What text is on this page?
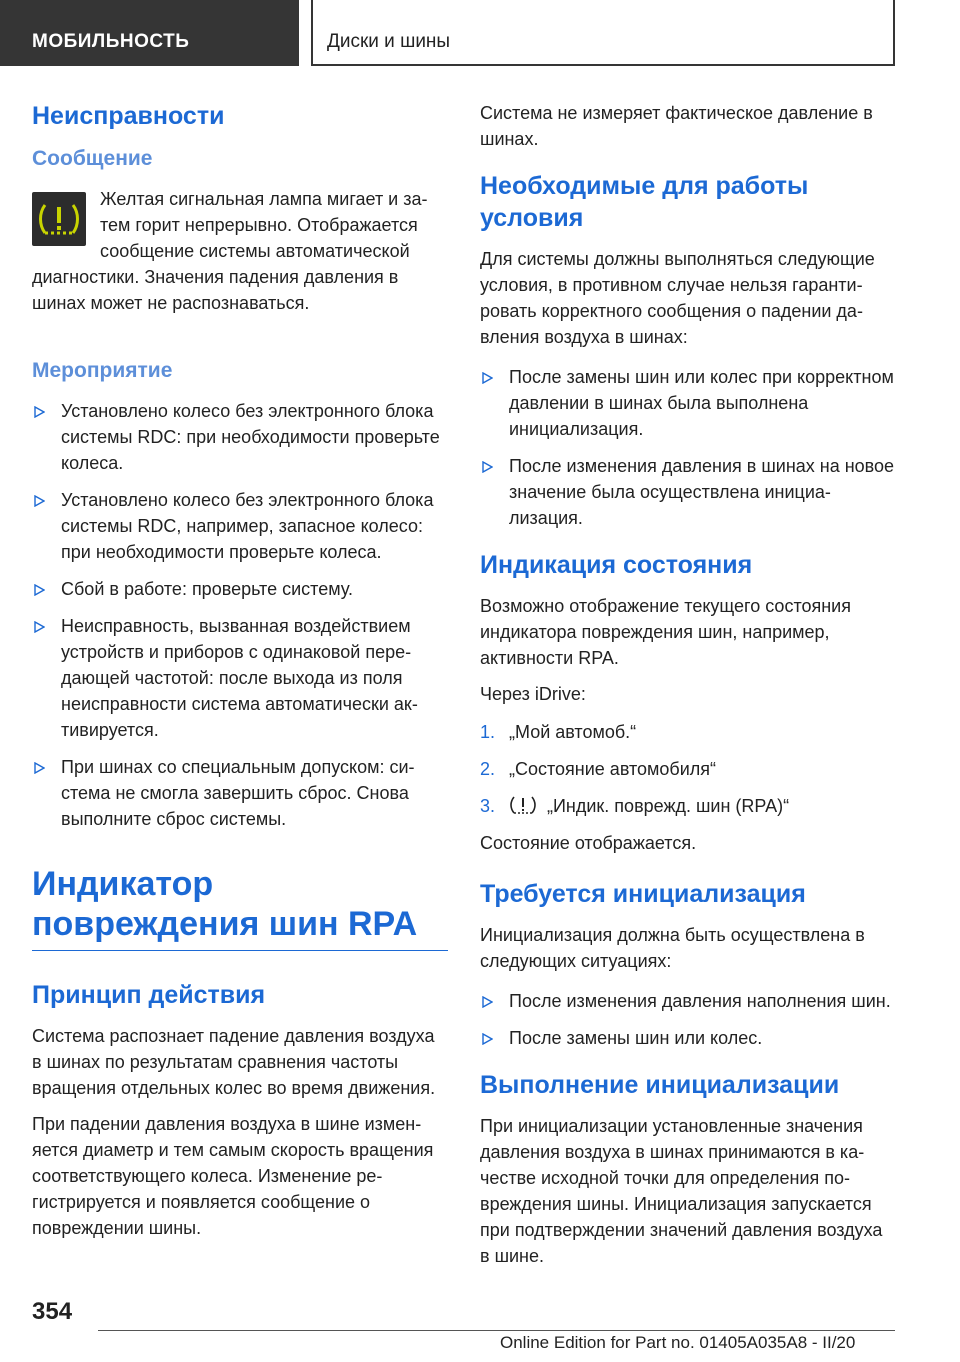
МОБИЛЬНОСТЬ	Диски и шины
Неисправности
Сообщение

Желтая сигнальная лампа мигает и затем горит непрерывно. Отображается сообщение системы автоматической диагностики. Значения падения давления в шинах может не распознаваться.

Мероприятие
Установлено колесо без электронного блока системы RDC: при необходимости проверьте колеса.
Установлено колесо без электронного блока системы RDC, например, запасное колесо: при необходимости проверьте колеса.
Сбой в работе: проверьте систему.
Неисправность, вызванная воздействием устройств и приборов с одинаковой передающей частотой: после выхода из поля неисправности система автоматически активируется.
При шинах со специальным допуском: система не смогла завершить сброс. Снова выполните сброс системы.
Индикатор повреждения шин RPA
Принцип действия

Система распознает падение давления воздуха в шинах по результатам сравнения частоты вращения отдельных колес во время движения.

При падении давления воздуха в шине изменяется диаметр и тем самым скорость вращения соответствующего колеса. Изменение регистрируется и появляется сообщение о повреждении шины.

Система не измеряет фактическое давление в шинах.

Необходимые для работы условия

Для системы должны выполняться следующие условия, в противном случае нельзя гарантировать корректного сообщения о падении давления воздуха в шинах:

После замены шин или колес при корректном давлении в шинах была выполнена инициализация.
После изменения давления в шинах на новое значение была осуществлена инициализация.
Индикация состояния

Возможно отображение текущего состояния индикатора повреждения шин, например, активности RPA.

Через iDrive:

1. „Мой автомоб.“
2. „Состояние автомобиля“
3.	„Индик. поврежд. шин (RPA)“

Состояние отображается.

Требуется инициализация

Инициализация должна быть осуществлена в следующих ситуациях:

После изменения давления наполнения шин.
После замены шин или колес.
Выполнение инициализации

При инициализации установленные значения давления воздуха в шинах принимаются в качестве исходной точки для определения повреждения шины. Инициализация запускается при подтверждении значений давления воздуха в шине.

354
Online Edition for Part no. 01405A035A8 - II/20
